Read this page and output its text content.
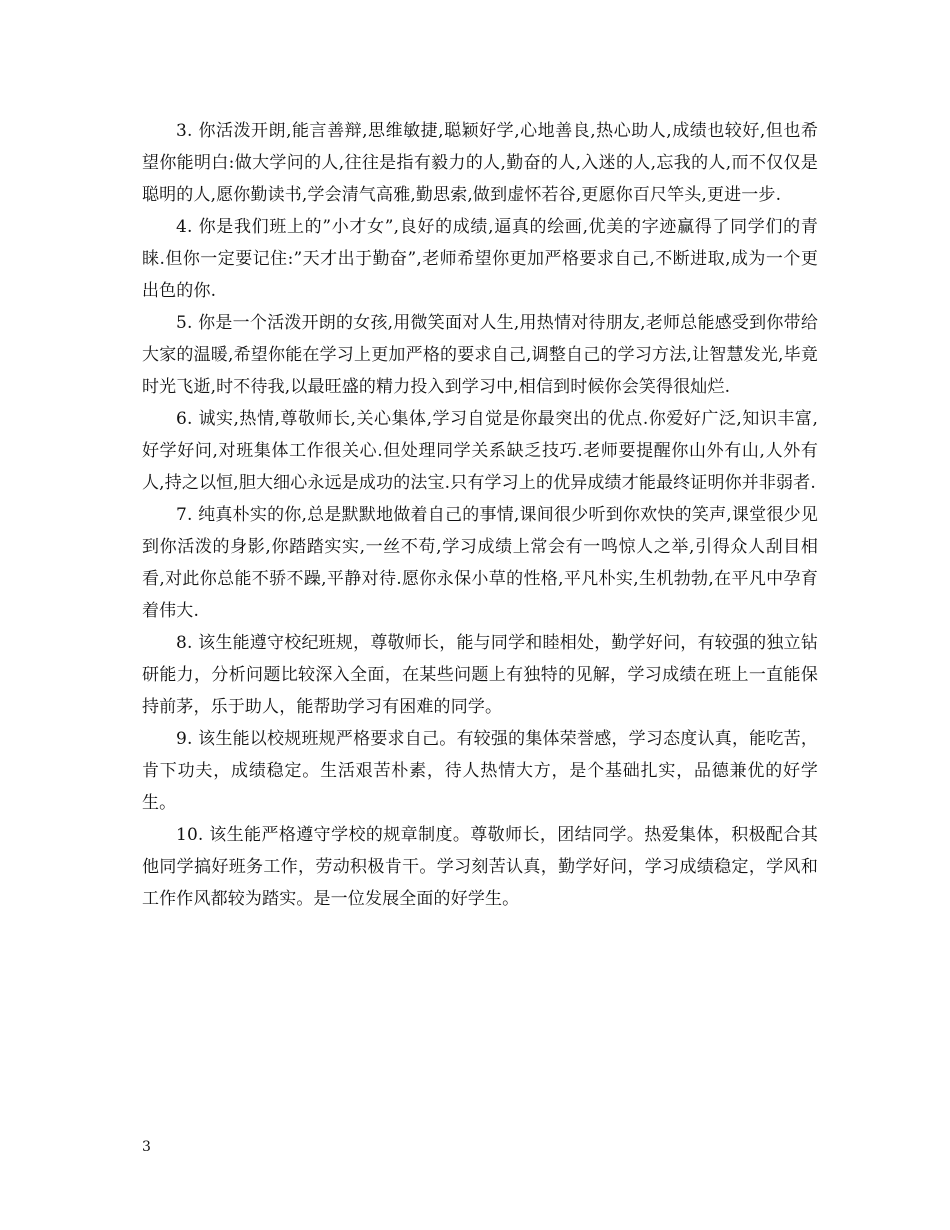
3. 你活泼开朗,能言善辩,思维敏捷,聪颖好学,心地善良,热心助人,成绩也较好,但也希望你能明白:做大学问的人,往往是指有毅力的人,勤奋的人,入迷的人,忘我的人,而不仅仅是聪明的人,愿你勤读书,学会清气高雅,勤思索,做到虚怀若谷,更愿你百尺竿头,更进一步.

4. 你是我们班上的”小才女”,良好的成绩,逼真的绘画,优美的字迹赢得了同学们的青睐.但你一定要记住:”天才出于勤奋”,老师希望你更加严格要求自己,不断进取,成为一个更出色的你.

5. 你是一个活泼开朗的女孩,用微笑面对人生,用热情对待朋友,老师总能感受到你带给大家的温暖,希望你能在学习上更加严格的要求自己,调整自己的学习方法,让智慧发光,毕竟时光飞逝,时不待我,以最旺盛的精力投入到学习中,相信到时候你会笑得很灿烂.

6. 诚实,热情,尊敬师长,关心集体,学习自觉是你最突出的优点.你爱好广泛,知识丰富,好学好问,对班集体工作很关心.但处理同学关系缺乏技巧.老师要提醒你山外有山,人外有人,持之以恒,胆大细心永远是成功的法宝.只有学习上的优异成绩才能最终证明你并非弱者.

7. 纯真朴实的你,总是默默地做着自己的事情,课间很少听到你欢快的笑声,课堂很少见到你活泼的身影,你踏踏实实,一丝不苟,学习成绩上常会有一鸣惊人之举,引得众人刮目相看,对此你总能不骄不躁,平静对待.愿你永保小草的性格,平凡朴实,生机勃勃,在平凡中孕育着伟大.

8. 该生能遵守校纪班规，尊敬师长，能与同学和睦相处，勤学好问，有较强的独立钻研能力，分析问题比较深入全面，在某些问题上有独特的见解，学习成绩在班上一直能保持前茅，乐于助人，能帮助学习有困难的同学。

9. 该生能以校规班规严格要求自己。有较强的集体荣誉感，学习态度认真，能吃苦，肯下功夫，成绩稳定。生活艰苦朴素，待人热情大方，是个基础扎实，品德兼优的好学生。

10. 该生能严格遵守学校的规章制度。尊敬师长，团结同学。热爱集体，积极配合其他同学搞好班务工作，劳动积极肯干。学习刻苦认真，勤学好问，学习成绩稳定，学风和工作作风都较为踏实。是一位发展全面的好学生。

3
